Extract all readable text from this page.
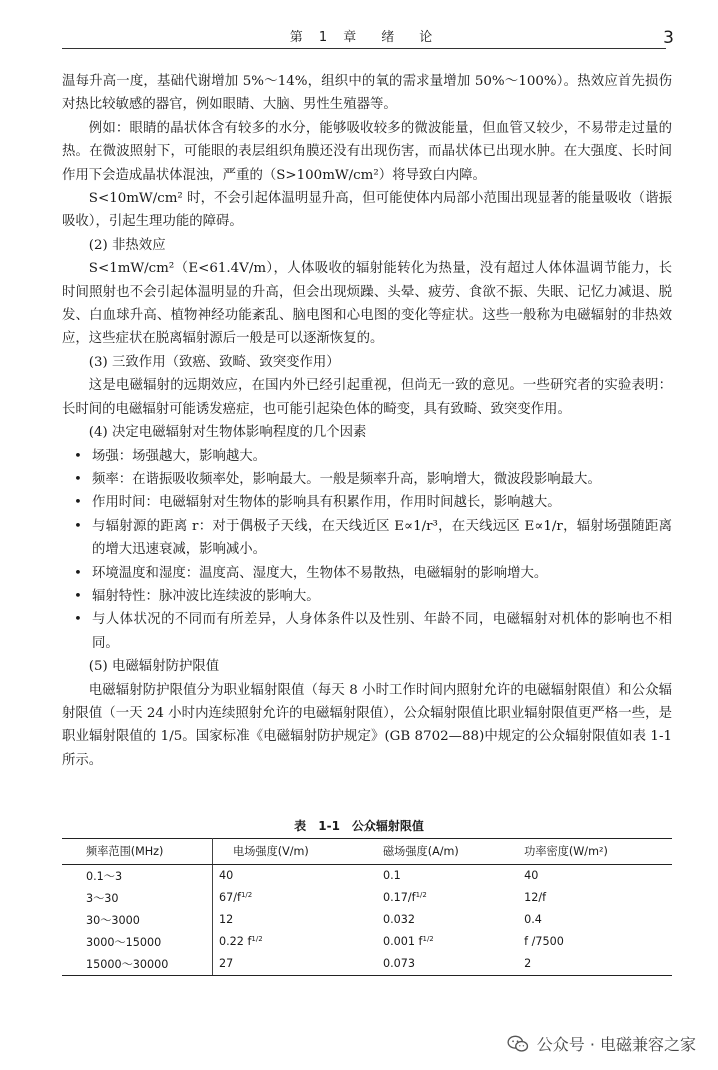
第 1 章　绪　论	3

温每升高一度，基础代谢增加 5%～14%，组织中的氧的需求量增加 50%～100%）。热效应首先损伤对热比较敏感的器官，例如眼睛、大脑、男性生殖器等。

例如：眼睛的晶状体含有较多的水分，能够吸收较多的微波能量，但血管又较少，不易带走过量的热。在微波照射下，可能眼的表层组织角膜还没有出现伤害，而晶状体已出现水肿。在大强度、长时间作用下会造成晶状体混浊，严重的（S>100mW/cm²）将导致白内障。

S<10mW/cm² 时，不会引起体温明显升高，但可能使体内局部小范围出现显著的能量吸收（谐振吸收），引起生理功能的障碍。

(2) 非热效应

S<1mW/cm²（E<61.4V/m），人体吸收的辐射能转化为热量，没有超过人体体温调节能力，长时间照射也不会引起体温明显的升高，但会出现烦躁、头晕、疲劳、食欲不振、失眠、记忆力减退、脱发、白血球升高、植物神经功能紊乱、脑电图和心电图的变化等症状。这些一般称为电磁辐射的非热效应，这些症状在脱离辐射源后一般是可以逐渐恢复的。

(3) 三致作用（致癌、致畸、致突变作用）

这是电磁辐射的远期效应，在国内外已经引起重视，但尚无一致的意见。一些研究者的实验表明：长时间的电磁辐射可能诱发癌症，也可能引起染色体的畸变，具有致畸、致突变作用。

(4) 决定电磁辐射对生物体影响程度的几个因素

• 场强：场强越大，影响越大。

• 频率：在谐振吸收频率处，影响最大。一般是频率升高，影响增大，微波段影响最大。

• 作用时间：电磁辐射对生物体的影响具有积累作用，作用时间越长，影响越大。

• 与辐射源的距离 r：对于偶极子天线，在天线近区 E∝1/r³，在天线远区 E∝1/r，辐射场强随距离的增大迅速衰减，影响减小。

• 环境温度和湿度：温度高、湿度大，生物体不易散热，电磁辐射的影响增大。

• 辐射特性：脉冲波比连续波的影响大。

• 与人体状况的不同而有所差异，人身体条件以及性别、年龄不同，电磁辐射对机体的影响也不相同。

(5) 电磁辐射防护限值

电磁辐射防护限值分为职业辐射限值（每天 8 小时工作时间内照射允许的电磁辐射限值）和公众辐射限值（一天 24 小时内连续照射允许的电磁辐射限值），公众辐射限值比职业辐射限值更严格一些，是职业辐射限值的 1/5。国家标准《电磁辐射防护规定》(GB 8702—88)中规定的公众辐射限值如表 1-1 所示。

表 1-1　公众辐射限值
频率范围(MHz)	电场强度(V/m)	磁场强度(A/m)	功率密度(W/m²)
0.1～3	40	0.1	40
3～30	$67/f^{1/2}$	$0.17/f^{1/2}$	12/f
30～3000	12	0.032	0.4
3000～15000	0.22 $f^{1/2}$	0.001 $f^{1/2}$	f /7500
15000～30000	27	0.073	2
公众号 · 电磁兼容之家
